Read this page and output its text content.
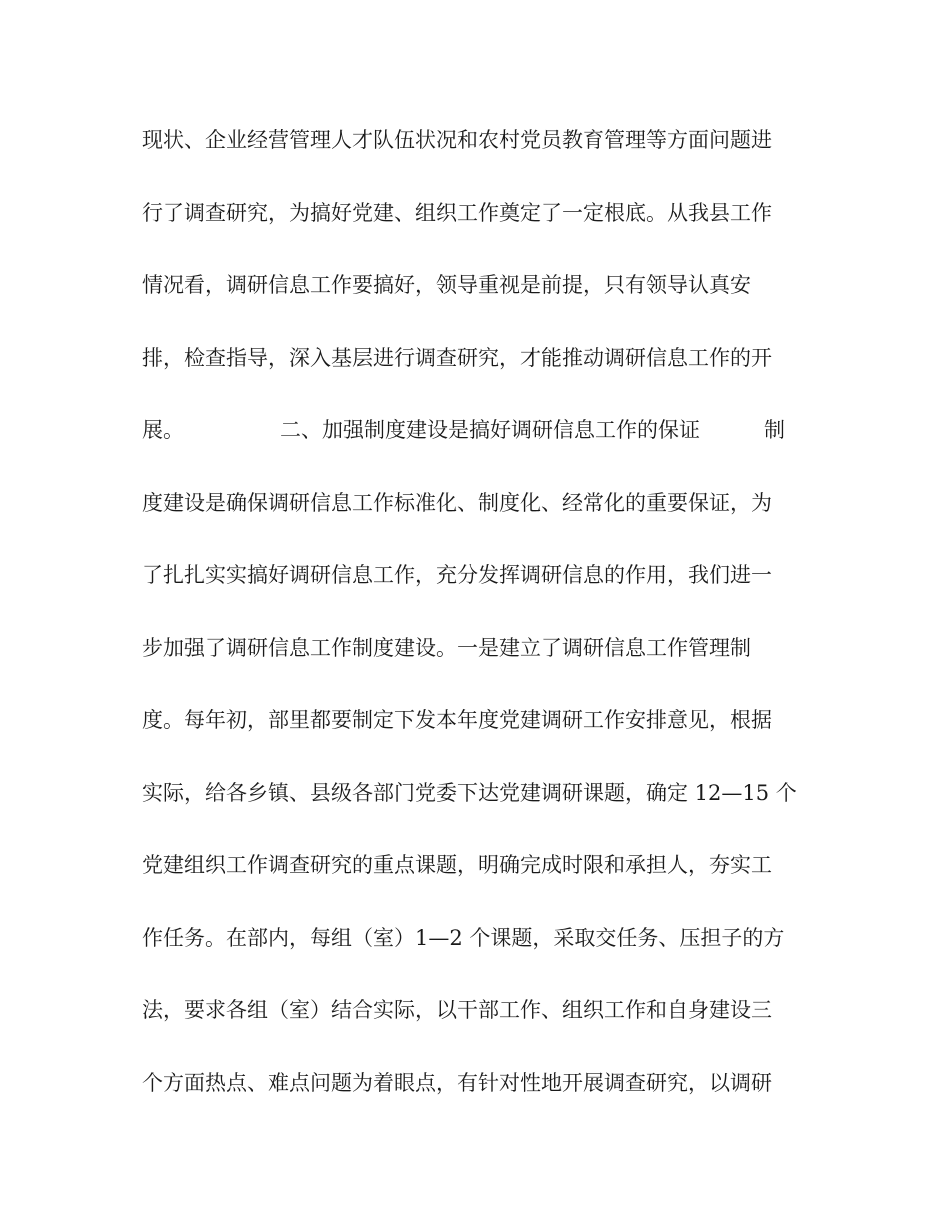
现状、企业经营管理人才队伍状况和农村党员教育管理等方面问题进
行了调查研究，为搞好党建、组织工作奠定了一定根底。从我县工作
情况看，调研信息工作要搞好，领导重视是前提，只有领导认真安
排，检查指导，深入基层进行调查研究，才能推动调研信息工作的开
展。	二、加强制度建设是搞好调研信息工作的保证	制
度建设是确保调研信息工作标准化、制度化、经常化的重要保证，为
了扎扎实实搞好调研信息工作，充分发挥调研信息的作用，我们进一
步加强了调研信息工作制度建设。一是建立了调研信息工作管理制
度。每年初，部里都要制定下发本年度党建调研工作安排意见，根据
实际，给各乡镇、县级各部门党委下达党建调研课题，确定 12—15 个
党建组织工作调查研究的重点课题，明确完成时限和承担人，夯实工
作任务。在部内，每组（室）1—2 个课题，采取交任务、压担子的方
法，要求各组（室）结合实际，以干部工作、组织工作和自身建设三
个方面热点、难点问题为着眼点，有针对性地开展调查研究，以调研
